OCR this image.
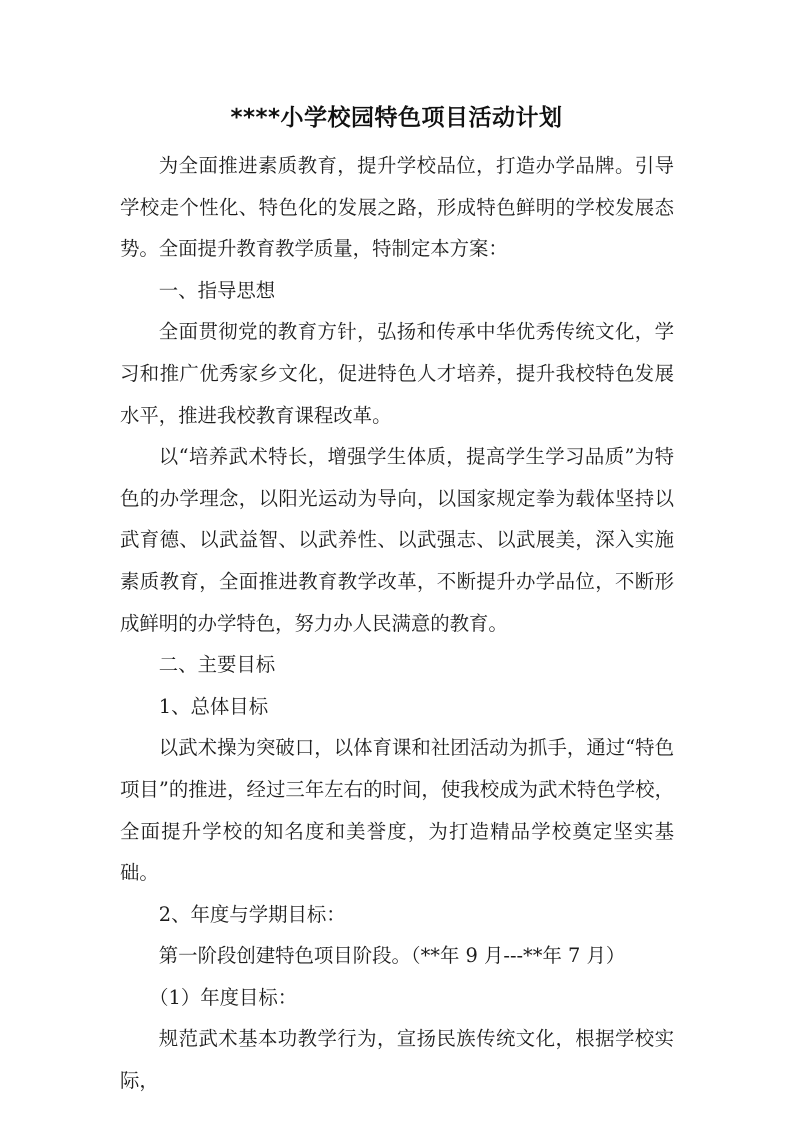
****小学校园特色项目活动计划

为全面推进素质教育，提升学校品位，打造办学品牌。引导学校走个性化、特色化的发展之路，形成特色鲜明的学校发展态势。全面提升教育教学质量，特制定本方案：

一、指导思想

全面贯彻党的教育方针，弘扬和传承中华优秀传统文化，学习和推广优秀家乡文化，促进特色人才培养，提升我校特色发展水平，推进我校教育课程改革。

以“培养武术特长，增强学生体质，提高学生学习品质”为特色的办学理念，以阳光运动为导向，以国家规定拳为载体坚持以武育德、以武益智、以武养性、以武强志、以武展美，深入实施素质教育，全面推进教育教学改革，不断提升办学品位，不断形成鲜明的办学特色，努力办人民满意的教育。

二、主要目标

1、总体目标

以武术操为突破口，以体育课和社团活动为抓手，通过“特色项目”的推进，经过三年左右的时间，使我校成为武术特色学校，全面提升学校的知名度和美誉度，为打造精品学校奠定坚实基础。

2、年度与学期目标：

第一阶段创建特色项目阶段。（**年 9 月---**年 7 月）

（1）年度目标：

规范武术基本功教学行为，宣扬民族传统文化，根据学校实际，
